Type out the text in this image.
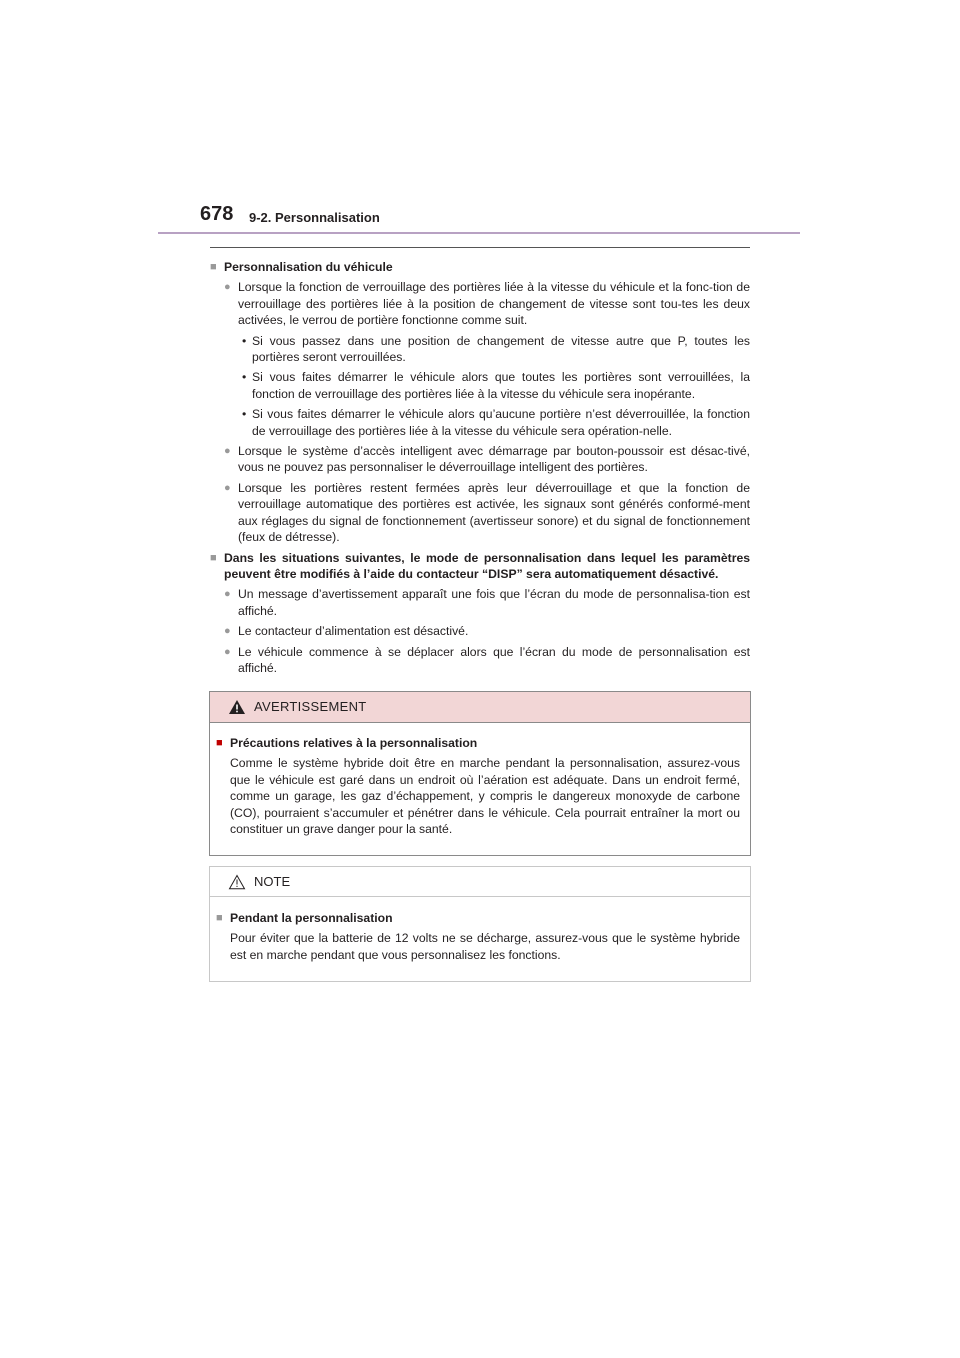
678 9-2. Personnalisation
■ Personnalisation du véhicule
● Lorsque la fonction de verrouillage des portières liée à la vitesse du véhicule et la fonc-tion de verrouillage des portières liée à la position de changement de vitesse sont tou-tes les deux activées, le verrou de portière fonctionne comme suit.
• Si vous passez dans une position de changement de vitesse autre que P, toutes les portières seront verrouillées.
• Si vous faites démarrer le véhicule alors que toutes les portières sont verrouillées, la fonction de verrouillage des portières liée à la vitesse du véhicule sera inopérante.
• Si vous faites démarrer le véhicule alors qu’aucune portière n’est déverrouillée, la fonction de verrouillage des portières liée à la vitesse du véhicule sera opération-nelle.
● Lorsque le système d’accès intelligent avec démarrage par bouton-poussoir est désac-tivé, vous ne pouvez pas personnaliser le déverrouillage intelligent des portières.
● Lorsque les portières restent fermées après leur déverrouillage et que la fonction de verrouillage automatique des portières est activée, les signaux sont générés conformé-ment aux réglages du signal de fonctionnement (avertisseur sonore) et du signal de fonctionnement (feux de détresse).
■ Dans les situations suivantes, le mode de personnalisation dans lequel les paramètres peuvent être modifiés à l’aide du contacteur “DISP” sera automatiquement désactivé.
● Un message d’avertissement apparaît une fois que l’écran du mode de personnalisa-tion est affiché.
● Le contacteur d’alimentation est désactivé.
● Le véhicule commence à se déplacer alors que l’écran du mode de personnalisation est affiché.
AVERTISSEMENT
■ Précautions relatives à la personnalisation
Comme le système hybride doit être en marche pendant la personnalisation, assurez-vous que le véhicule est garé dans un endroit où l’aération est adéquate. Dans un endroit fermé, comme un garage, les gaz d’échappement, y compris le dangereux monoxyde de carbone (CO), pourraient s’accumuler et pénétrer dans le véhicule. Cela pourrait entraîner la mort ou constituer un grave danger pour la santé.
NOTE
■ Pendant la personnalisation
Pour éviter que la batterie de 12 volts ne se décharge, assurez-vous que le système hybride est en marche pendant que vous personnalisez les fonctions.
